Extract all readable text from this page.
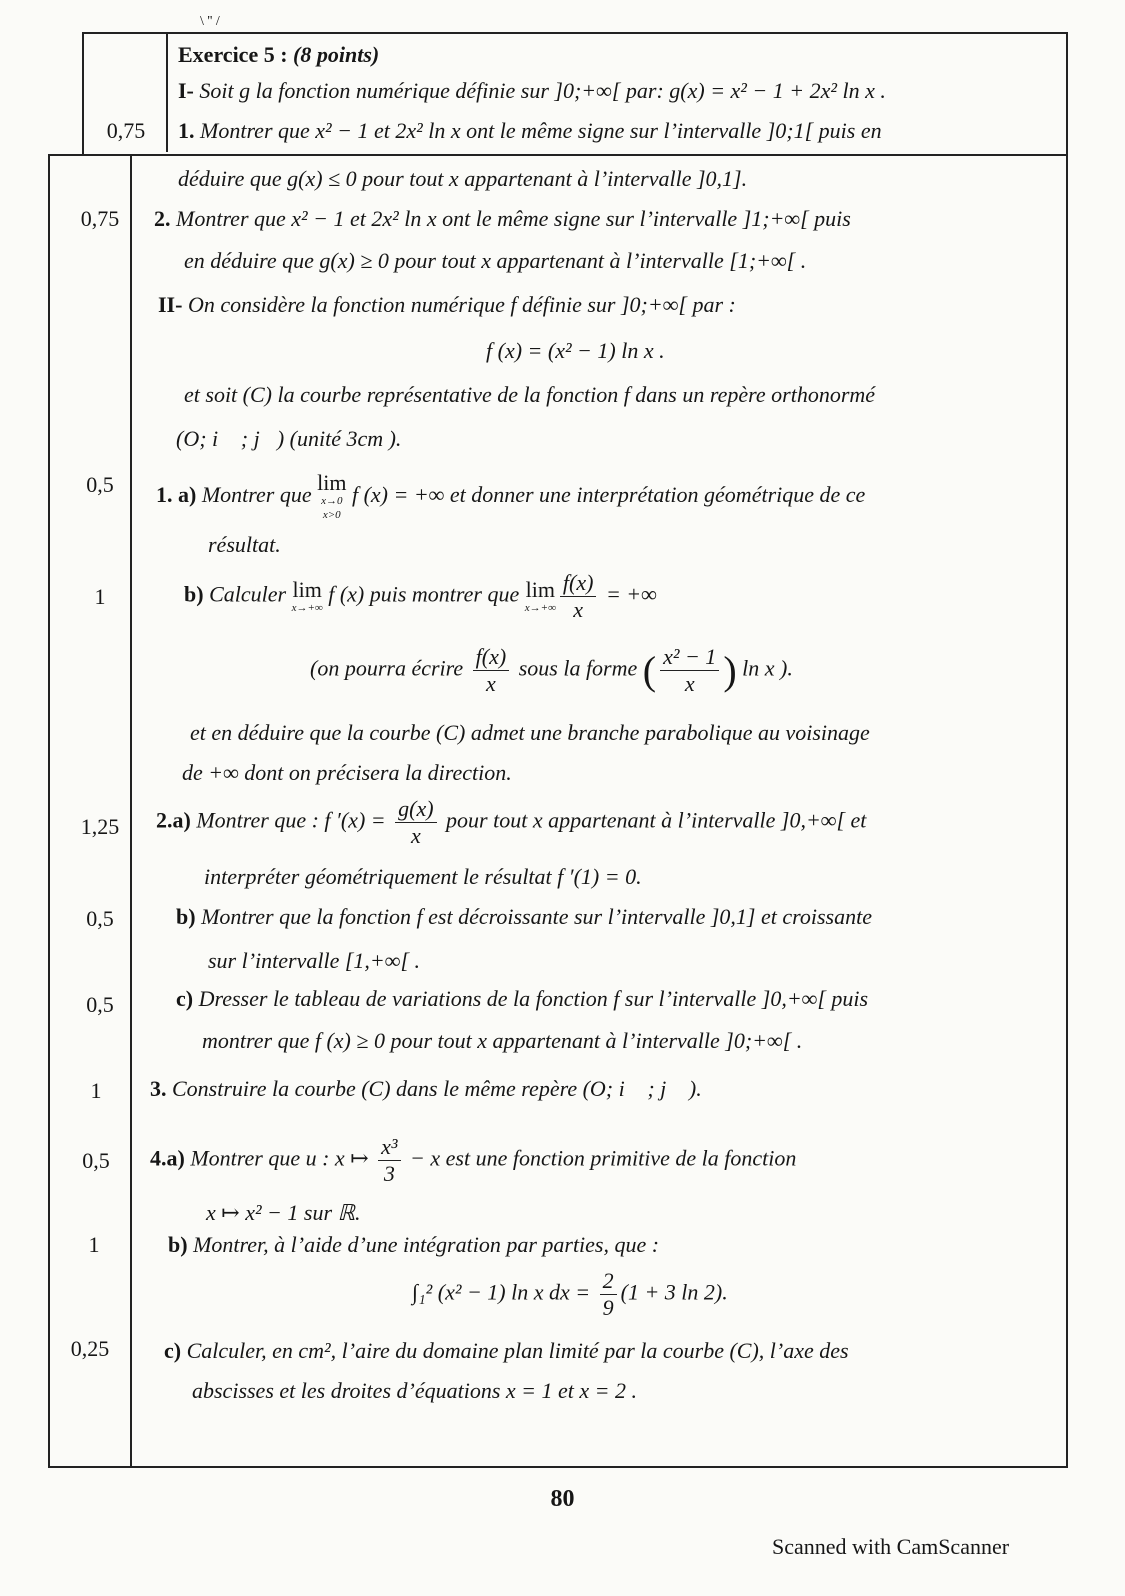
\ '' /
0,75
0,75
0,5
1
1,25
0,5
0,5
1
0,5
1
0,25
Exercice 5 : (8 points)
I- Soit g la fonction numérique définie sur ]0;+∞[ par: g(x) = x² − 1 + 2x² ln x .
1. Montrer que x² − 1 et 2x² ln x ont le même signe sur l’intervalle ]0;1[ puis en
déduire que g(x) ≤ 0 pour tout x appartenant à l’intervalle ]0,1].
2. Montrer que x² − 1 et 2x² ln x ont le même signe sur l’intervalle ]1;+∞[ puis
en déduire que g(x) ≥ 0 pour tout x appartenant à l’intervalle [1;+∞[ .
II- On considère la fonction numérique f définie sur ]0;+∞[ par :
f (x) = (x² − 1) ln x .
et soit (C) la courbe représentative de la fonction f dans un repère orthonormé
(O; i⃗ ; j⃗) (unité 3cm ).
1. a) Montrer que lim
x→0
x>0
f (x) = +∞ et donner une interprétation géométrique de ce
résultat.
b) Calculer lim
x→+∞
f (x) puis montrer que lim
$x\to+\infty \frac{f(x)}{x}$ = +∞
(on pourra écrire $\frac{f(x)}{x}$ sous la forme ( $\frac{\text{x² − 1}}{x}$ ) ln x ).
et en déduire que la courbe (C) admet une branche parabolique au voisinage
de +∞ dont on précisera la direction.
2.a) Montrer que : f $'(x) = \frac{g(x)}{x}$ pour tout x appartenant à l’intervalle ]0,+∞[ et
interpréter géométriquement le résultat f ′(1) = 0.
b) Montrer que la fonction f est décroissante sur l’intervalle ]0,1] et croissante
sur l’intervalle [1,+∞[ .
c) Dresser le tableau de variations de la fonction f sur l’intervalle ]0,+∞[ puis
montrer que f (x) ≥ 0 pour tout x appartenant à l’intervalle ]0;+∞[ .
3. Construire la courbe (C) dans le même repère (O; i⃗ ; j⃗ ).
4.a) Montrer que u : x ↦ $\frac{\text{x³}}{3} - x$ est une fonction primitive de la fonction
x ↦ x² − 1 sur ℝ.
b) Montrer, à l’aide d’une intégration par parties, que :
∫₁² (x² − 1) ln x dx = $\frac{2}{9} (1 + 3$ ln 2).
c) Calculer, en cm², l’aire du domaine plan limité par la courbe (C), l’axe des
abscisses et les droites d’équations x = 1 et x = 2 .
80
Scanned with CamScanner
